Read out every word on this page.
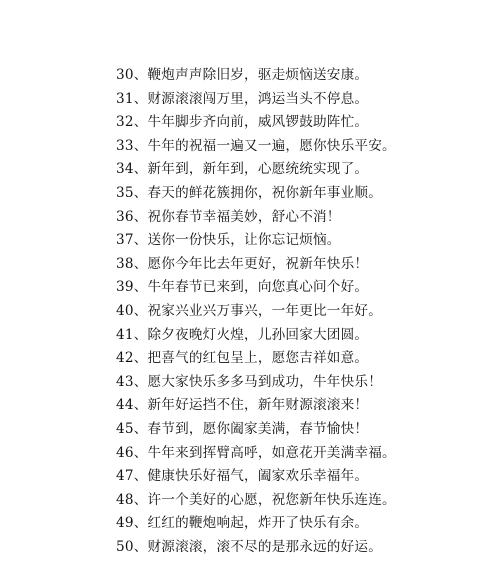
30、鞭炮声声除旧岁，驱走烦恼送安康。
31、财源滚滚闯万里，鸿运当头不停息。
32、牛年脚步齐向前，威风锣鼓助阵忙。
33、牛年的祝福一遍又一遍，愿你快乐平安。
34、新年到，新年到，心愿统统实现了。
35、春天的鲜花簇拥你，祝你新年事业顺。
36、祝你春节幸福美妙，舒心不消！
37、送你一份快乐，让你忘记烦恼。
38、愿你今年比去年更好，祝新年快乐！
39、牛年春节已来到，向您真心问个好。
40、祝家兴业兴万事兴，一年更比一年好。
41、除夕夜晚灯火煌，儿孙回家大团圆。
42、把喜气的红包呈上，愿您吉祥如意。
43、愿大家快乐多多马到成功，牛年快乐！
44、新年好运挡不住，新年财源滚滚来！
45、春节到，愿你阖家美满，春节愉快！
46、牛年来到挥臂高呼，如意花开美满幸福。
47、健康快乐好福气，阖家欢乐幸福年。
48、许一个美好的心愿，祝您新年快乐连连。
49、红红的鞭炮响起，炸开了快乐有余。
50、财源滚滚，滚不尽的是那永远的好运。
